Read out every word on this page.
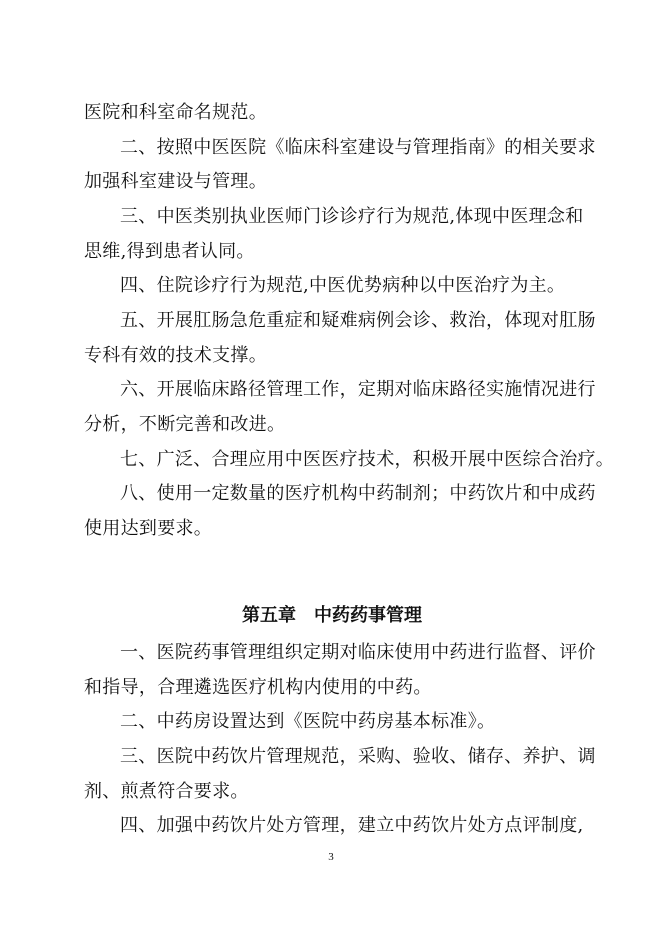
医院和科室命名规范。
二、按照中医医院《临床科室建设与管理指南》的相关要求
加强科室建设与管理。
三、中医类别执业医师门诊诊疗行为规范,体现中医理念和
思维,得到患者认同。
四、住院诊疗行为规范,中医优势病种以中医治疗为主。
五、开展肛肠急危重症和疑难病例会诊、救治，体现对肛肠
专科有效的技术支撑。
六、开展临床路径管理工作，定期对临床路径实施情况进行
分析，不断完善和改进。
七、广泛、合理应用中医医疗技术，积极开展中医综合治疗。
八、使用一定数量的医疗机构中药制剂；中药饮片和中成药
使用达到要求。
第五章　中药药事管理
一、医院药事管理组织定期对临床使用中药进行监督、评价
和指导，合理遴选医疗机构内使用的中药。
二、中药房设置达到《医院中药房基本标准》。
三、医院中药饮片管理规范，采购、验收、储存、养护、调
剂、煎煮符合要求。
四、加强中药饮片处方管理，建立中药饮片处方点评制度,
3
